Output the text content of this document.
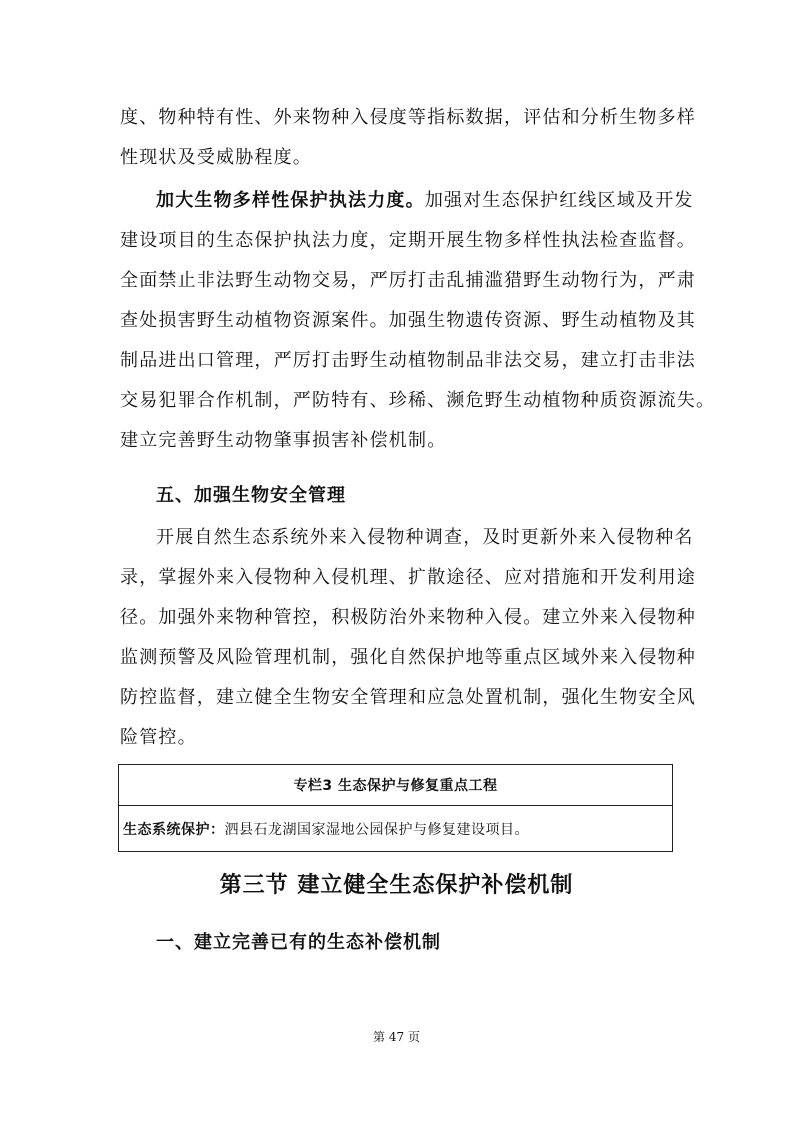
度、物种特有性、外来物种入侵度等指标数据，评估和分析生物多样
性现状及受威胁程度。
加大生物多样性保护执法力度。加强对生态保护红线区域及开发
建设项目的生态保护执法力度，定期开展生物多样性执法检查监督。
全面禁止非法野生动物交易，严厉打击乱捕滥猎野生动物行为，严肃
查处损害野生动植物资源案件。加强生物遗传资源、野生动植物及其
制品进出口管理，严厉打击野生动植物制品非法交易，建立打击非法
交易犯罪合作机制，严防特有、珍稀、濒危野生动植物种质资源流失。
建立完善野生动物肇事损害补偿机制。
五、加强生物安全管理
开展自然生态系统外来入侵物种调查，及时更新外来入侵物种名
录，掌握外来入侵物种入侵机理、扩散途径、应对措施和开发利用途
径。加强外来物种管控，积极防治外来物种入侵。建立外来入侵物种
监测预警及风险管理机制，强化自然保护地等重点区域外来入侵物种
防控监督，建立健全生物安全管理和应急处置机制，强化生物安全风
险管控。
专栏3 生态保护与修复重点工程
生态系统保护： 泗县石龙湖国家湿地公园保护与修复建设项目。
第三节 建立健全生态保护补偿机制
一、建立完善已有的生态补偿机制
第 47 页
